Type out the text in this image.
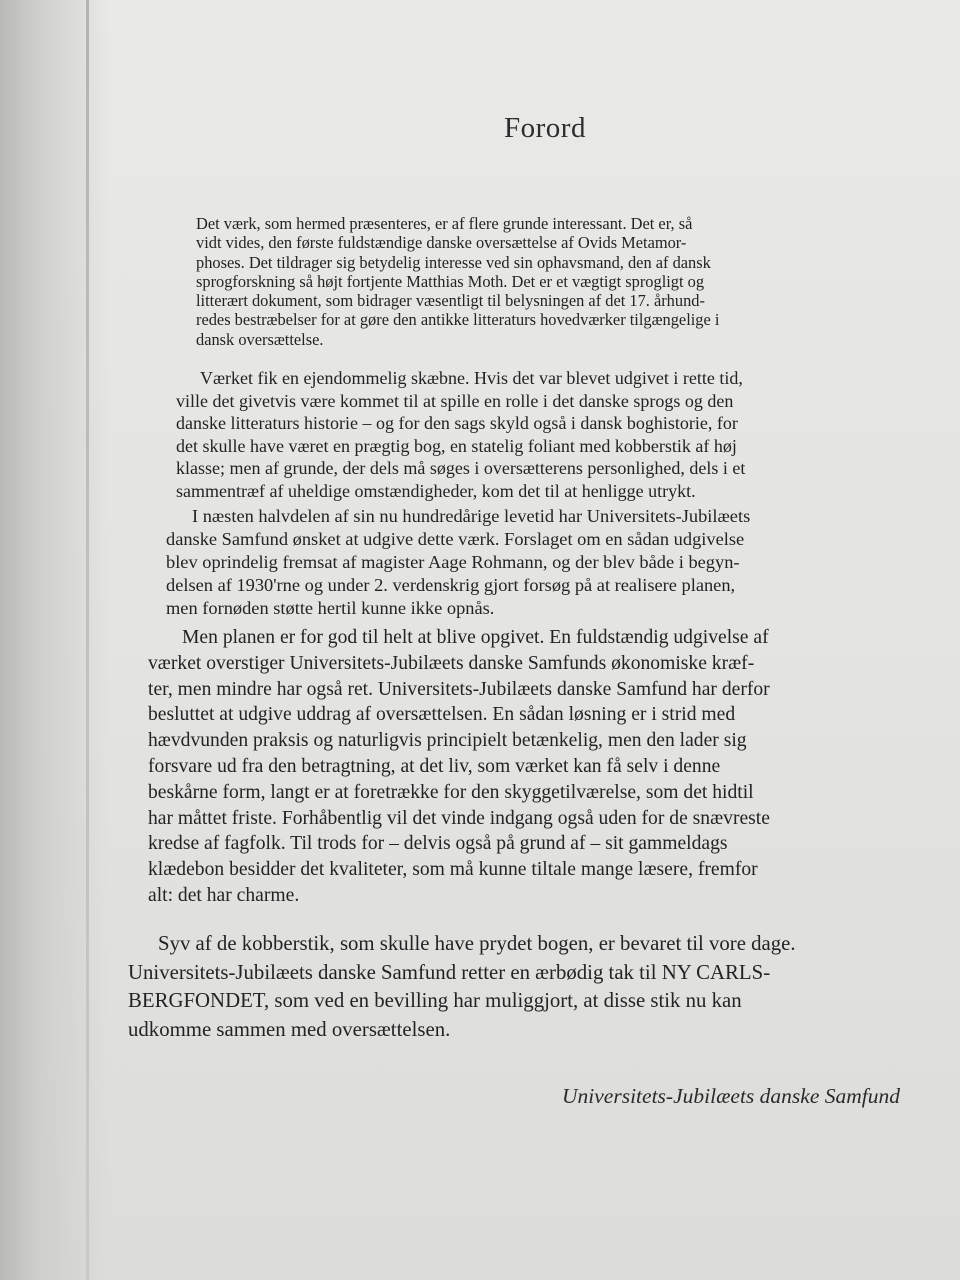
Forord
Det værk, som hermed præsenteres, er af flere grunde interessant. Det er, så
vidt vides, den første fuldstændige danske oversættelse af Ovids Metamor-
phoses. Det tildrager sig betydelig interesse ved sin ophavsmand, den af dansk
sprogforskning så højt fortjente Matthias Moth. Det er et vægtigt sprogligt og
litterært dokument, som bidrager væsentligt til belysningen af det 17. århund-
redes bestræbelser for at gøre den antikke litteraturs hovedværker tilgængelige i
dansk oversættelse.
Værket fik en ejendommelig skæbne. Hvis det var blevet udgivet i rette tid,
ville det givetvis være kommet til at spille en rolle i det danske sprogs og den
danske litteraturs historie – og for den sags skyld også i dansk boghistorie, for
det skulle have været en prægtig bog, en statelig foliant med kobberstik af høj
klasse; men af grunde, der dels må søges i oversætterens personlighed, dels i et
sammentræf af uheldige omstændigheder, kom det til at henligge utrykt.
I næsten halvdelen af sin nu hundredårige levetid har Universitets-Jubilæets
danske Samfund ønsket at udgive dette værk. Forslaget om en sådan udgivelse
blev oprindelig fremsat af magister Aage Rohmann, og der blev både i begyn-
delsen af 1930'rne og under 2. verdenskrig gjort forsøg på at realisere planen,
men fornøden støtte hertil kunne ikke opnås.
Men planen er for god til helt at blive opgivet. En fuldstændig udgivelse af
værket overstiger Universitets-Jubilæets danske Samfunds økonomiske kræf-
ter, men mindre har også ret. Universitets-Jubilæets danske Samfund har derfor
besluttet at udgive uddrag af oversættelsen. En sådan løsning er i strid med
hævdvunden praksis og naturligvis principielt betænkelig, men den lader sig
forsvare ud fra den betragtning, at det liv, som værket kan få selv i denne
beskårne form, langt er at foretrække for den skyggetilværelse, som det hidtil
har måttet friste. Forhåbentlig vil det vinde indgang også uden for de snævreste
kredse af fagfolk. Til trods for – delvis også på grund af – sit gammeldags
klædebon besidder det kvaliteter, som må kunne tiltale mange læsere, fremfor
alt: det har charme.
Syv af de kobberstik, som skulle have prydet bogen, er bevaret til vore dage.
Universitets-Jubilæets danske Samfund retter en ærbødig tak til NY CARLS-
BERGFONDET, som ved en bevilling har muliggjort, at disse stik nu kan
udkomme sammen med oversættelsen.
Universitets-Jubilæets danske Samfund
